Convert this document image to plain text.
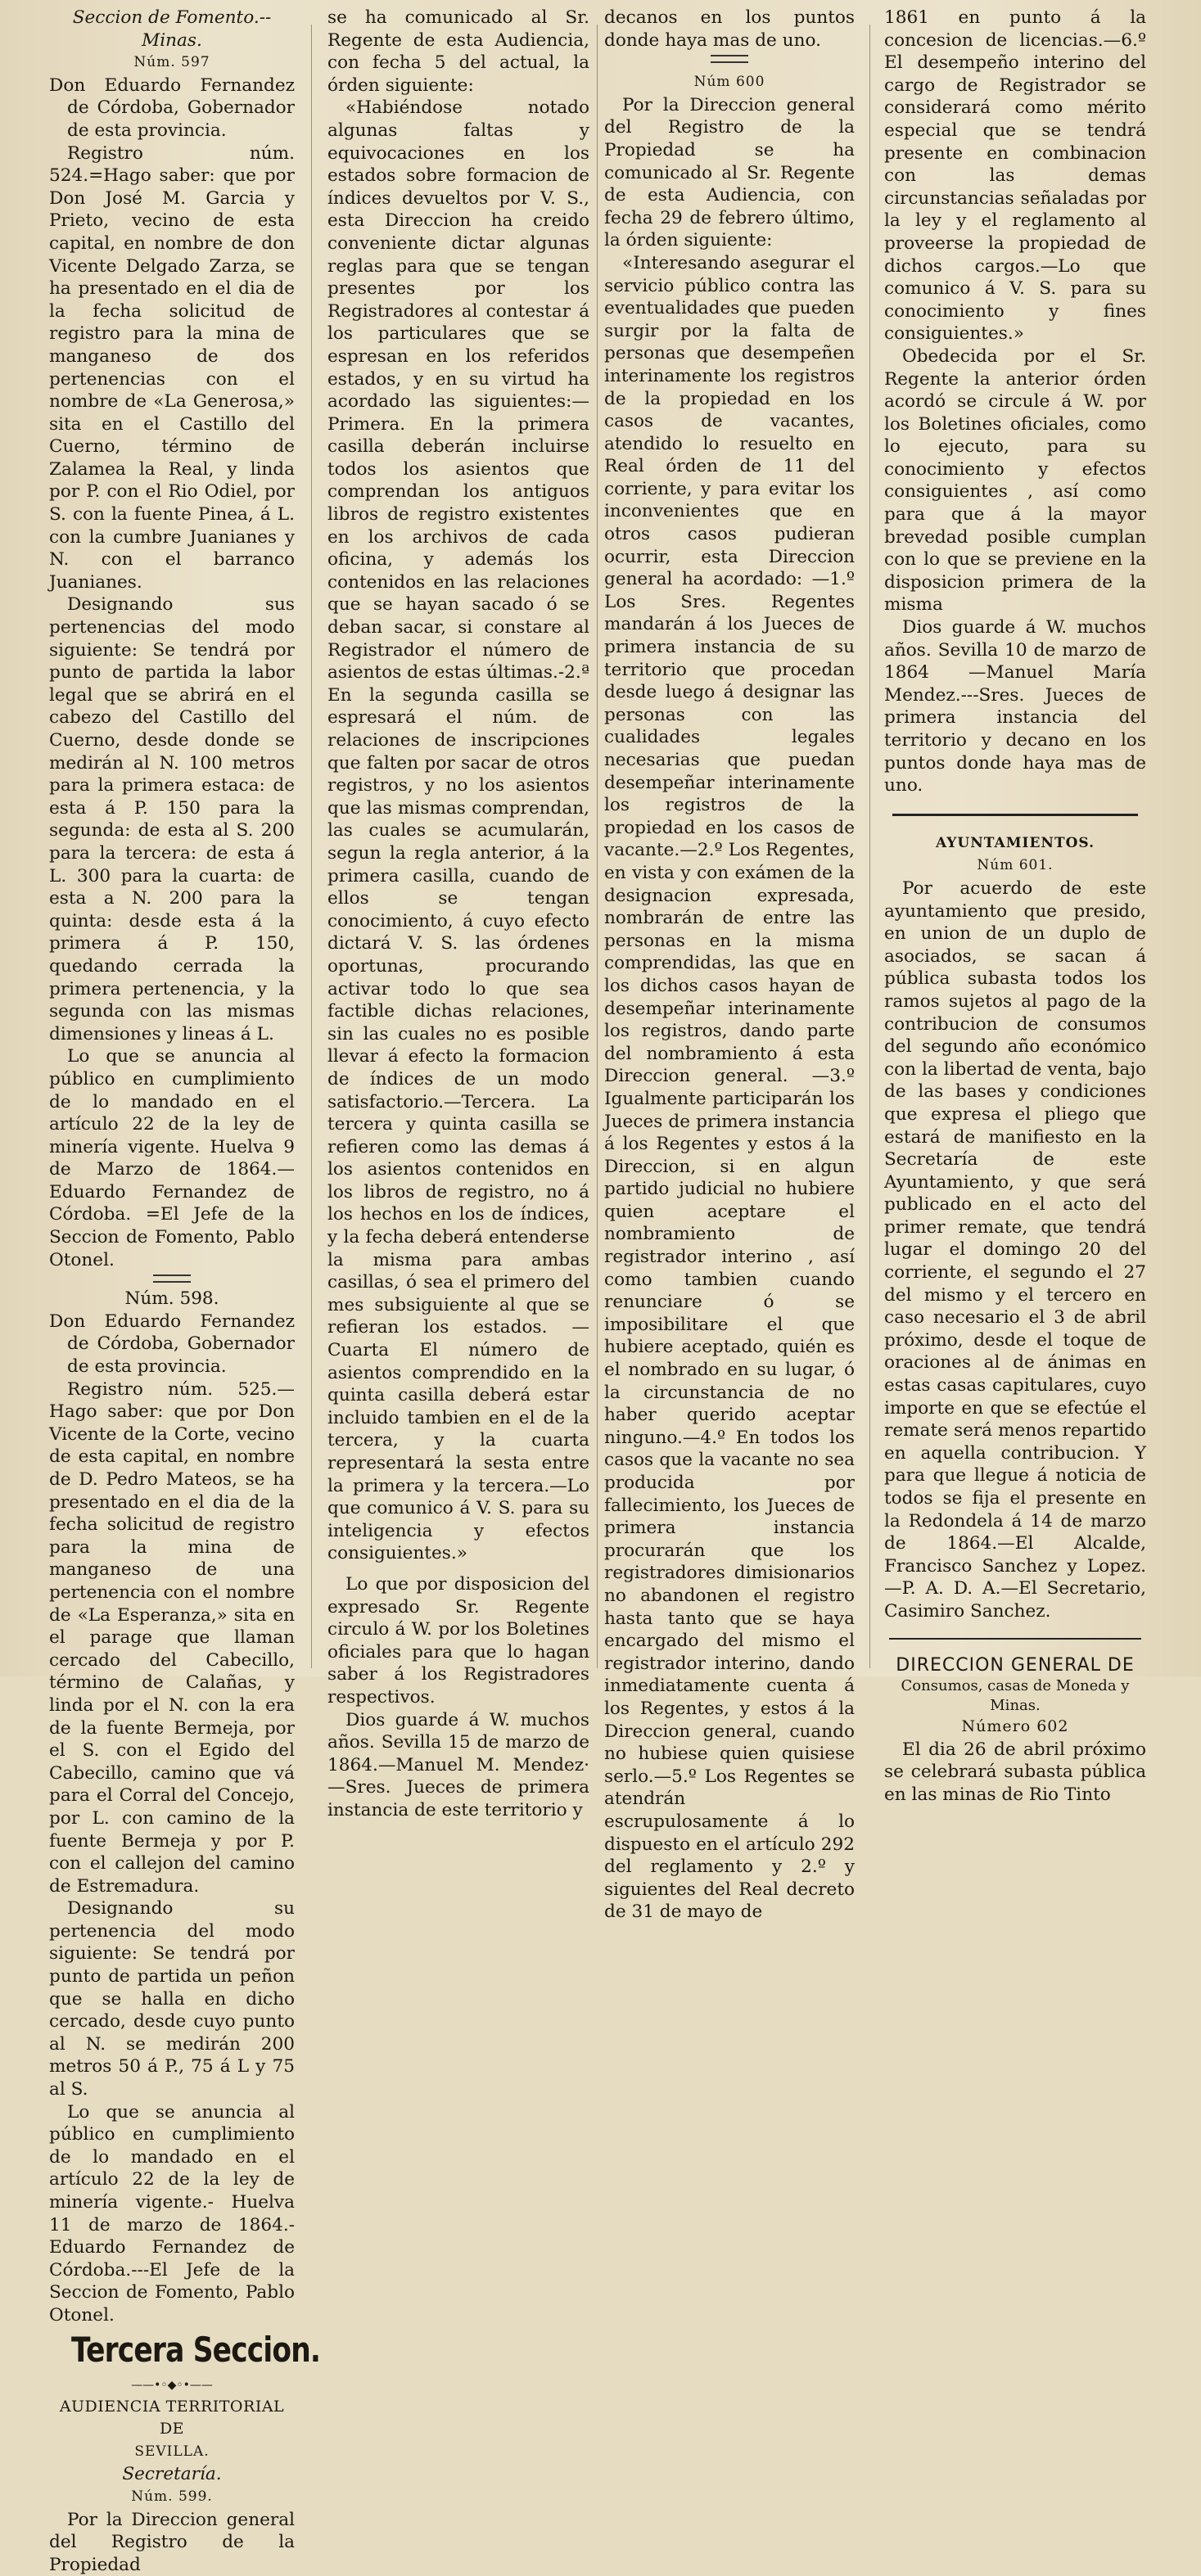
Seccion de Fomento.--Minas.

Núm. 597

Don Eduardo Fernandez de Córdoba, Gobernador de esta provincia.

Registro núm. 524.=Hago saber: que por Don José M. Garcia y Prieto, vecino de esta capital, en nombre de don Vicente Delgado Zarza, se ha presentado en el dia de la fecha solicitud de registro para la mina de manganeso de dos pertenencias con el nombre de «La Generosa,» sita en el Castillo del Cuerno, término de Zalamea la Real, y linda por P. con el Rio Odiel, por S. con la fuente Pinea, á L. con la cumbre Juanianes y N. con el barranco Juanianes.

Designando sus pertenencias del modo siguiente: Se tendrá por punto de partida la labor legal que se abrirá en el cabezo del Castillo del Cuerno, desde donde se medirán al N. 100 metros para la primera estaca: de esta á P. 150 para la segunda: de esta al S. 200 para la tercera: de esta á L. 300 para la cuarta: de esta a N. 200 para la quinta: desde esta á la primera á P. 150, quedando cerrada la primera pertenencia, y la segunda con las mismas dimensiones y lineas á L.

Lo que se anuncia al público en cumplimiento de lo mandado en el artículo 22 de la ley de minería vigente. Huelva 9 de Marzo de 1864.—Eduardo Fernandez de Córdoba. =El Jefe de la Seccion de Fomento, Pablo Otonel.

Núm. 598.

Don Eduardo Fernandez de Córdoba, Gobernador de esta provincia.

Registro núm. 525.—Hago saber: que por Don Vicente de la Corte, vecino de esta capital, en nombre de D. Pedro Mateos, se ha presentado en el dia de la fecha solicitud de registro para la mina de manganeso de una pertenencia con el nombre de «La Esperanza,» sita en el parage que llaman cercado del Cabecillo, término de Calañas, y linda por el N. con la era de la fuente Bermeja, por el S. con el Egido del Cabecillo, camino que vá para el Corral del Concejo, por L. con camino de la fuente Bermeja y por P. con el callejon del camino de Estremadura.

Designando su pertenencia del modo siguiente: Se tendrá por punto de partida un peñon que se halla en dicho cercado, desde cuyo punto al N. se medirán 200 metros 50 á P., 75 á L y 75 al S.

Lo que se anuncia al público en cumplimiento de lo mandado en el artículo 22 de la ley de minería vigente.- Huelva 11 de marzo de 1864.-Eduardo Fernandez de Córdoba.---El Jefe de la Seccion de Fomento, Pablo Otonel.

Tercera Seccion.
——•◦◆◦•——

AUDIENCIA TERRITORIAL DE

SEVILLA.

Secretaría.

Núm. 599.

Por la Direccion general del Registro de la Propiedad

se ha comunicado al Sr. Regente de esta Audiencia, con fecha 5 del actual, la órden siguiente:

«Habiéndose notado algunas faltas y equivocaciones en los estados sobre formacion de índices devueltos por V. S., esta Direccion ha creido conveniente dictar algunas reglas para que se tengan presentes por los Registradores al contestar á los particulares que se espresan en los referidos estados, y en su virtud ha acordado las siguientes:—Primera. En la primera casilla deberán incluirse todos los asientos que comprendan los antiguos libros de registro existentes en los archivos de cada oficina, y además los contenidos en las relaciones que se hayan sacado ó se deban sacar, si constare al Registrador el número de asientos de estas últimas.-2.ª En la segunda casilla se espresará el núm. de relaciones de inscripciones que falten por sacar de otros registros, y no los asientos que las mismas comprendan, las cuales se acumularán, segun la regla anterior, á la primera casilla, cuando de ellos se tengan conocimiento, á cuyo efecto dictará V. S. las órdenes oportunas, procurando activar todo lo que sea factible dichas relaciones, sin las cuales no es posible llevar á efecto la formacion de índices de un modo satisfactorio.—Tercera. La tercera y quinta casilla se refieren como las demas á los asientos contenidos en los libros de registro, no á los hechos en los de índices, y la fecha deberá entenderse la misma para ambas casillas, ó sea el primero del mes subsiguiente al que se refieran los estados. —Cuarta El número de asientos comprendido en la quinta casilla deberá estar incluido tambien en el de la tercera, y la cuarta representará la sesta entre la primera y la tercera.—Lo que comunico á V. S. para su inteligencia y efectos consiguientes.»

Lo que por disposicion del expresado Sr. Regente circulo á W. por los Boletines oficiales para que lo hagan saber á los Registradores respectivos.

Dios guarde á W. muchos años. Sevilla 15 de marzo de 1864.—Manuel M. Mendez· —Sres. Jueces de primera instancia de este territorio y

decanos en los puntos donde haya mas de uno.

Núm 600

Por la Direccion general del Registro de la Propiedad se ha comunicado al Sr. Regente de esta Audiencia, con fecha 29 de febrero último, la órden siguiente:

«Interesando asegurar el servicio público contra las eventualidades que pueden surgir por la falta de personas que desempeñen interinamente los registros de la propiedad en los casos de vacantes, atendido lo resuelto en Real órden de 11 del corriente, y para evitar los inconvenientes que en otros casos pudieran ocurrir, esta Direccion general ha acordado: —1.º Los Sres. Regentes mandarán á los Jueces de primera instancia de su territorio que procedan desde luego á designar las personas con las cualidades legales necesarias que puedan desempeñar interinamente los registros de la propiedad en los casos de vacante.—2.º Los Regentes, en vista y con exámen de la designacion expresada, nombrarán de entre las personas en la misma comprendidas, las que en los dichos casos hayan de desempeñar interinamente los registros, dando parte del nombramiento á esta Direccion general. —3.º Igualmente participarán los Jueces de primera instancia á los Regentes y estos á la Direccion, si en algun partido judicial no hubiere quien aceptare el nombramiento de registrador interino , así como tambien cuando renunciare ó se imposibilitare el que hubiere aceptado, quién es el nombrado en su lugar, ó la circunstancia de no haber querido aceptar ninguno.—4.º En todos los casos que la vacante no sea producida por fallecimiento, los Jueces de primera instancia procurarán que los registradores dimisionarios no abandonen el registro hasta tanto que se haya encargado del mismo el registrador interino, dando inmediatamente cuenta á los Regentes, y estos á la Direccion general, cuando no hubiese quien quisiese serlo.—5.º Los Regentes se atendrán escrupulosamente á lo dispuesto en el artículo 292 del reglamento y 2.º y siguientes del Real decreto de 31 de mayo de

1861 en punto á la concesion de licencias.—6.º El desempeño interino del cargo de Registrador se considerará como mérito especial que se tendrá presente en combinacion con las demas circunstancias señaladas por la ley y el reglamento al proveerse la propiedad de dichos cargos.—Lo que comunico á V. S. para su conocimiento y fines consiguientes.»

Obedecida por el Sr. Regente la anterior órden acordó se circule á W. por los Boletines oficiales, como lo ejecuto, para su conocimiento y efectos consiguientes , así como para que á la mayor brevedad posible cumplan con lo que se previene en la disposicion primera de la misma

Dios guarde á W. muchos años. Sevilla 10 de marzo de 1864 —Manuel María Mendez.---Sres. Jueces de primera instancia del territorio y decano en los puntos donde haya mas de uno.

AYUNTAMIENTOS.

Núm 601.

Por acuerdo de este ayuntamiento que presido, en union de un duplo de asociados, se sacan á pública subasta todos los ramos sujetos al pago de la contribucion de consumos del segundo año económico con la libertad de venta, bajo de las bases y condiciones que expresa el pliego que estará de manifiesto en la Secretaría de este Ayuntamiento, y que será publicado en el acto del primer remate, que tendrá lugar el domingo 20 del corriente, el segundo el 27 del mismo y el tercero en caso necesario el 3 de abril próximo, desde el toque de oraciones al de ánimas en estas casas capitulares, cuyo importe en que se efectúe el remate será menos repartido en aquella contribucion. Y para que llegue á noticia de todos se fija el presente en la Redondela á 14 de marzo de 1864.—El Alcalde, Francisco Sanchez y Lopez.—P. A. D. A.—El Secretario, Casimiro Sanchez.

DIRECCION GENERAL DE

Consumos, casas de Moneda y Minas.

Número 602

El dia 26 de abril próximo se celebrará subasta pública en las minas de Rio Tinto
